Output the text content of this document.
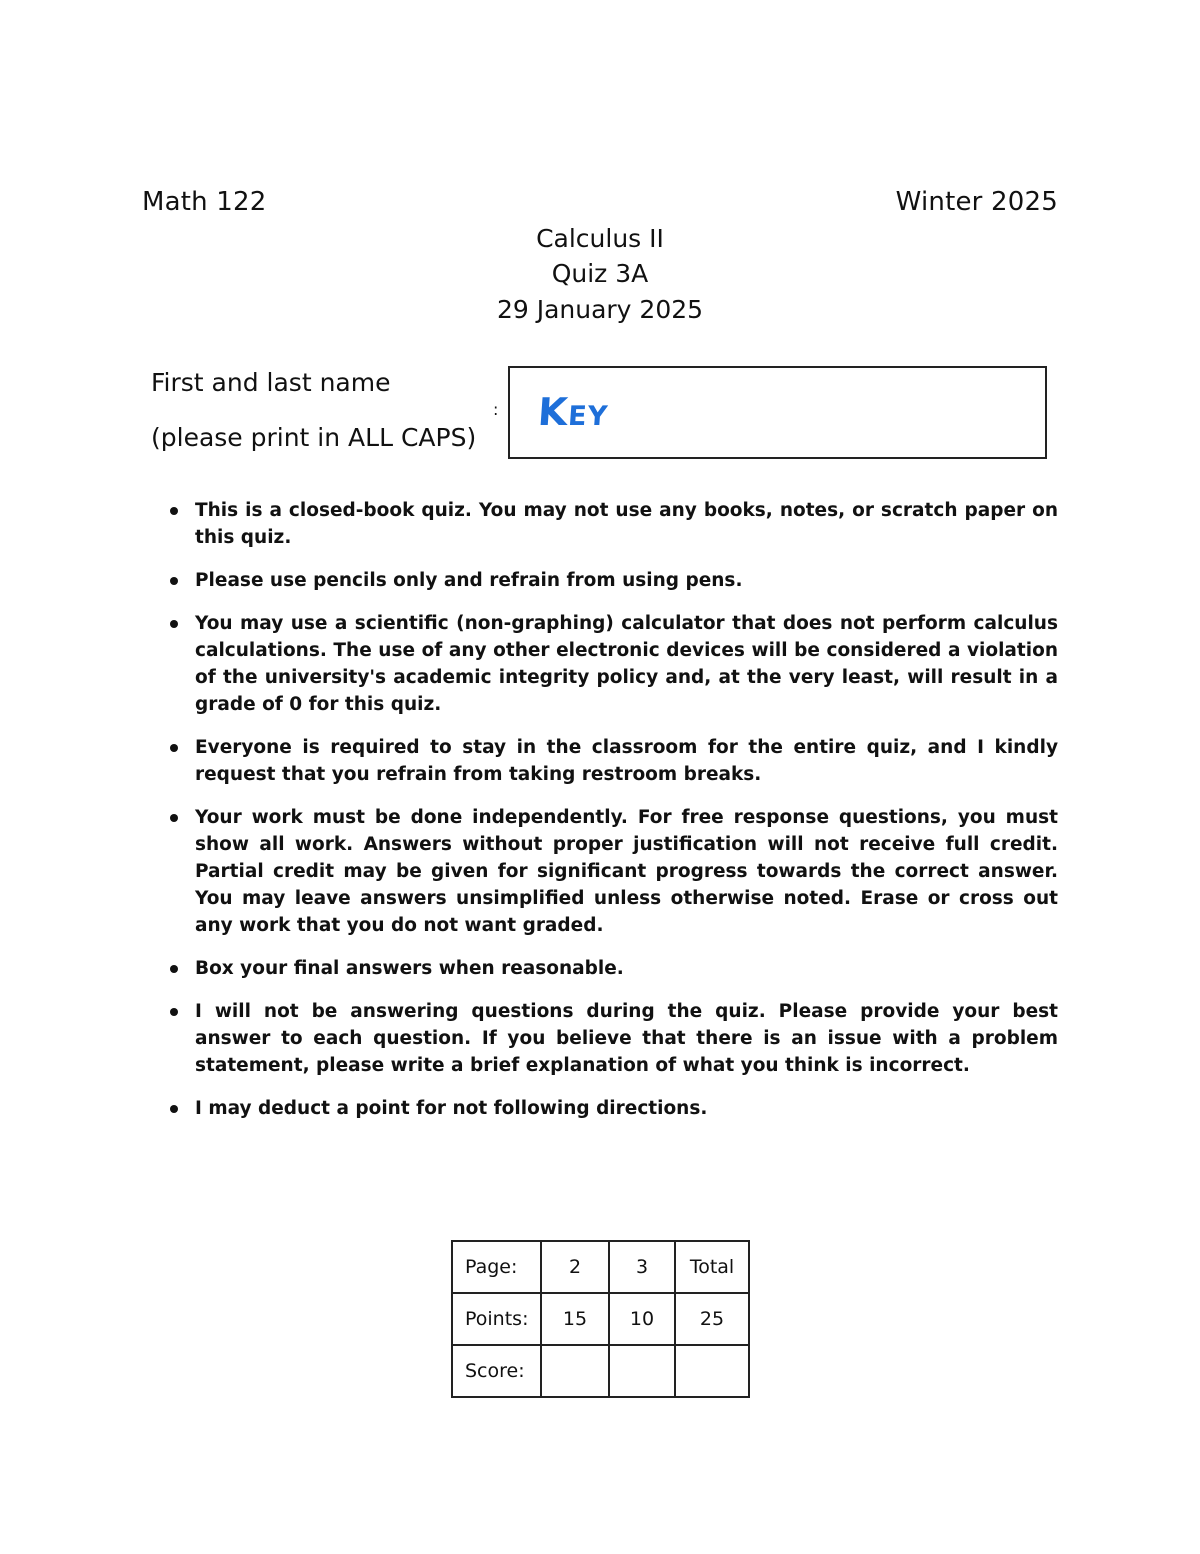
Math 122	Winter 2025
Calculus II
Quiz 3A
29 January 2025
First and last name
(please print in ALL CAPS)
: Key
This is a closed-book quiz. You may not use any books, notes, or scratch paper on this quiz.
Please use pencils only and refrain from using pens.
You may use a scientific (non-graphing) calculator that does not perform calculus calculations. The use of any other electronic devices will be considered a violation of the university's academic integrity policy and, at the very least, will result in a grade of 0 for this quiz.
Everyone is required to stay in the classroom for the entire quiz, and I kindly request that you refrain from taking restroom breaks.
Your work must be done independently. For free response questions, you must show all work. Answers without proper justification will not receive full credit. Partial credit may be given for significant progress towards the correct answer. You may leave answers unsimplified unless otherwise noted. Erase or cross out any work that you do not want graded.
Box your final answers when reasonable.
I will not be answering questions during the quiz. Please provide your best answer to each question. If you believe that there is an issue with a problem statement, please write a brief explanation of what you think is incorrect.
I may deduct a point for not following directions.
Page:	2	3	Total
Points:	15	10	25
Score:			
